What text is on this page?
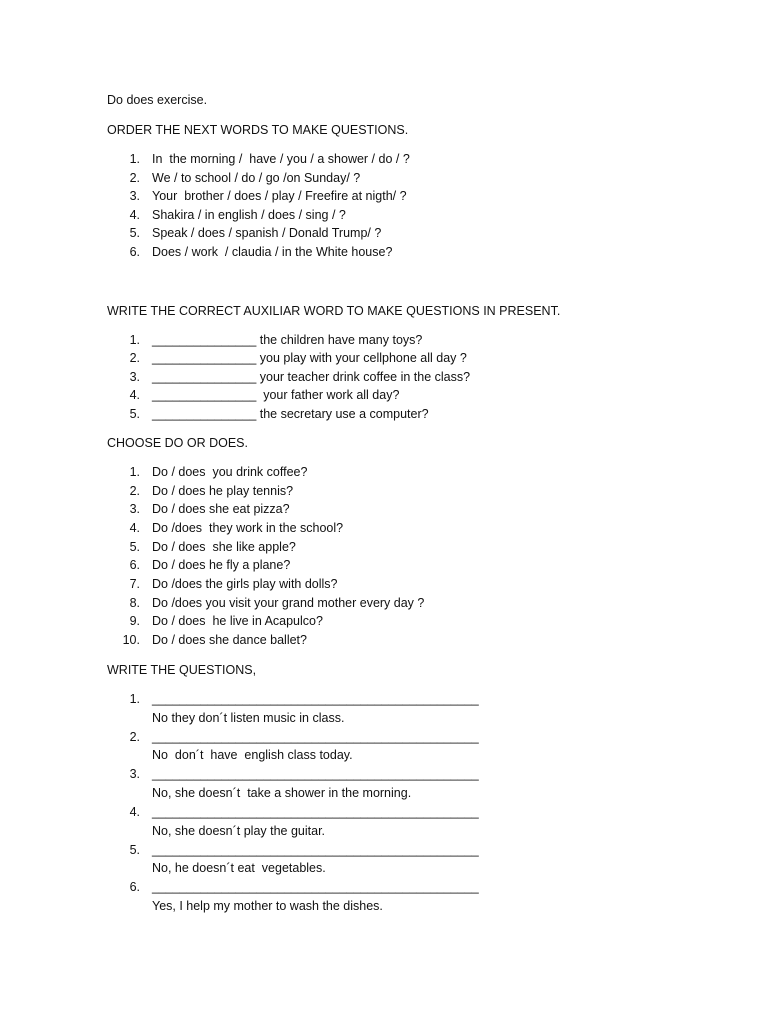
Do does exercise.
ORDER THE NEXT WORDS TO MAKE QUESTIONS.
1. In  the morning /  have / you / a shower / do / ?
2. We / to school / do / go /on Sunday/ ?
3. Your  brother / does / play / Freefire at nigth/ ?
4. Shakira / in english / does / sing / ?
5. Speak / does / spanish / Donald Trump/ ?
6. Does / work  / claudia / in the White house?
WRITE THE CORRECT AUXILIAR WORD TO MAKE QUESTIONS IN PRESENT.
1. _______________ the children have many toys?
2. _______________ you play with your cellphone all day ?
3. _______________ your teacher drink coffee in the class?
4. _______________  your father work all day?
5. _______________ the secretary use a computer?
CHOOSE DO OR DOES.
1. Do / does  you drink coffee?
2. Do / does he play tennis?
3. Do / does she eat pizza?
4. Do /does  they work in the school?
5. Do / does  she like apple?
6. Do / does he fly a plane?
7. Do /does the girls play with dolls?
8. Do /does you visit your grand mother every day ?
9. Do / does  he live in Acapulco?
10. Do / does she dance ballet?
WRITE THE QUESTIONS,
1. _______________________________________________
No they don´t listen music in class.
2. _______________________________________________
No  don´t  have  english class today.
3. _______________________________________________
No, she doesn´t  take a shower in the morning.
4. _______________________________________________
No, she doesn´t play the guitar.
5. _______________________________________________
No, he doesn´t eat  vegetables.
6. _______________________________________________
Yes, I help my mother to wash the dishes.
